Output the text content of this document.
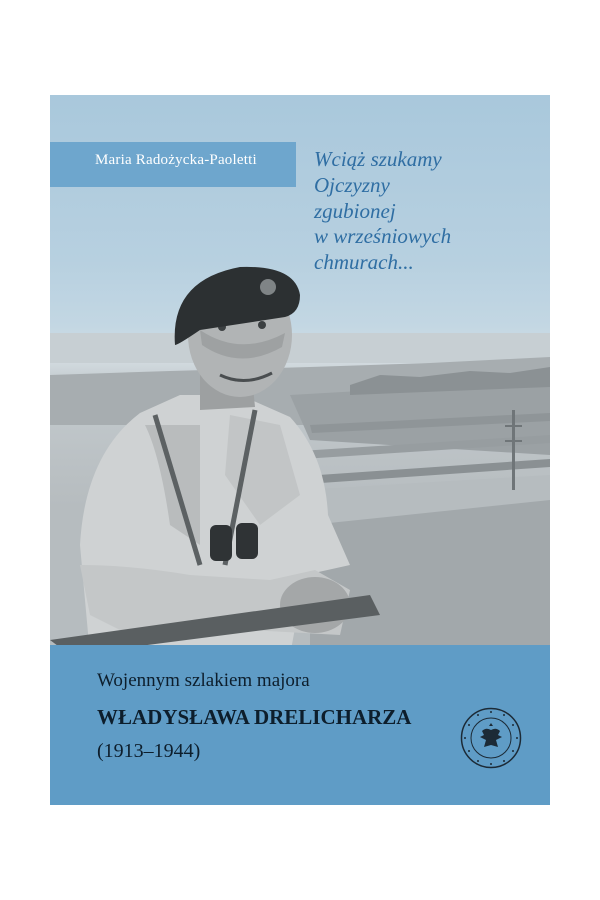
Maria Radożycka-Paoletti	Wciąż szukamy
Ojczyzny
zgubionej
w wrześniowych
chmurach...
Wojennym szlakiem majora
WŁADYSŁAWA DRELICHARZA
(1913–1944)
